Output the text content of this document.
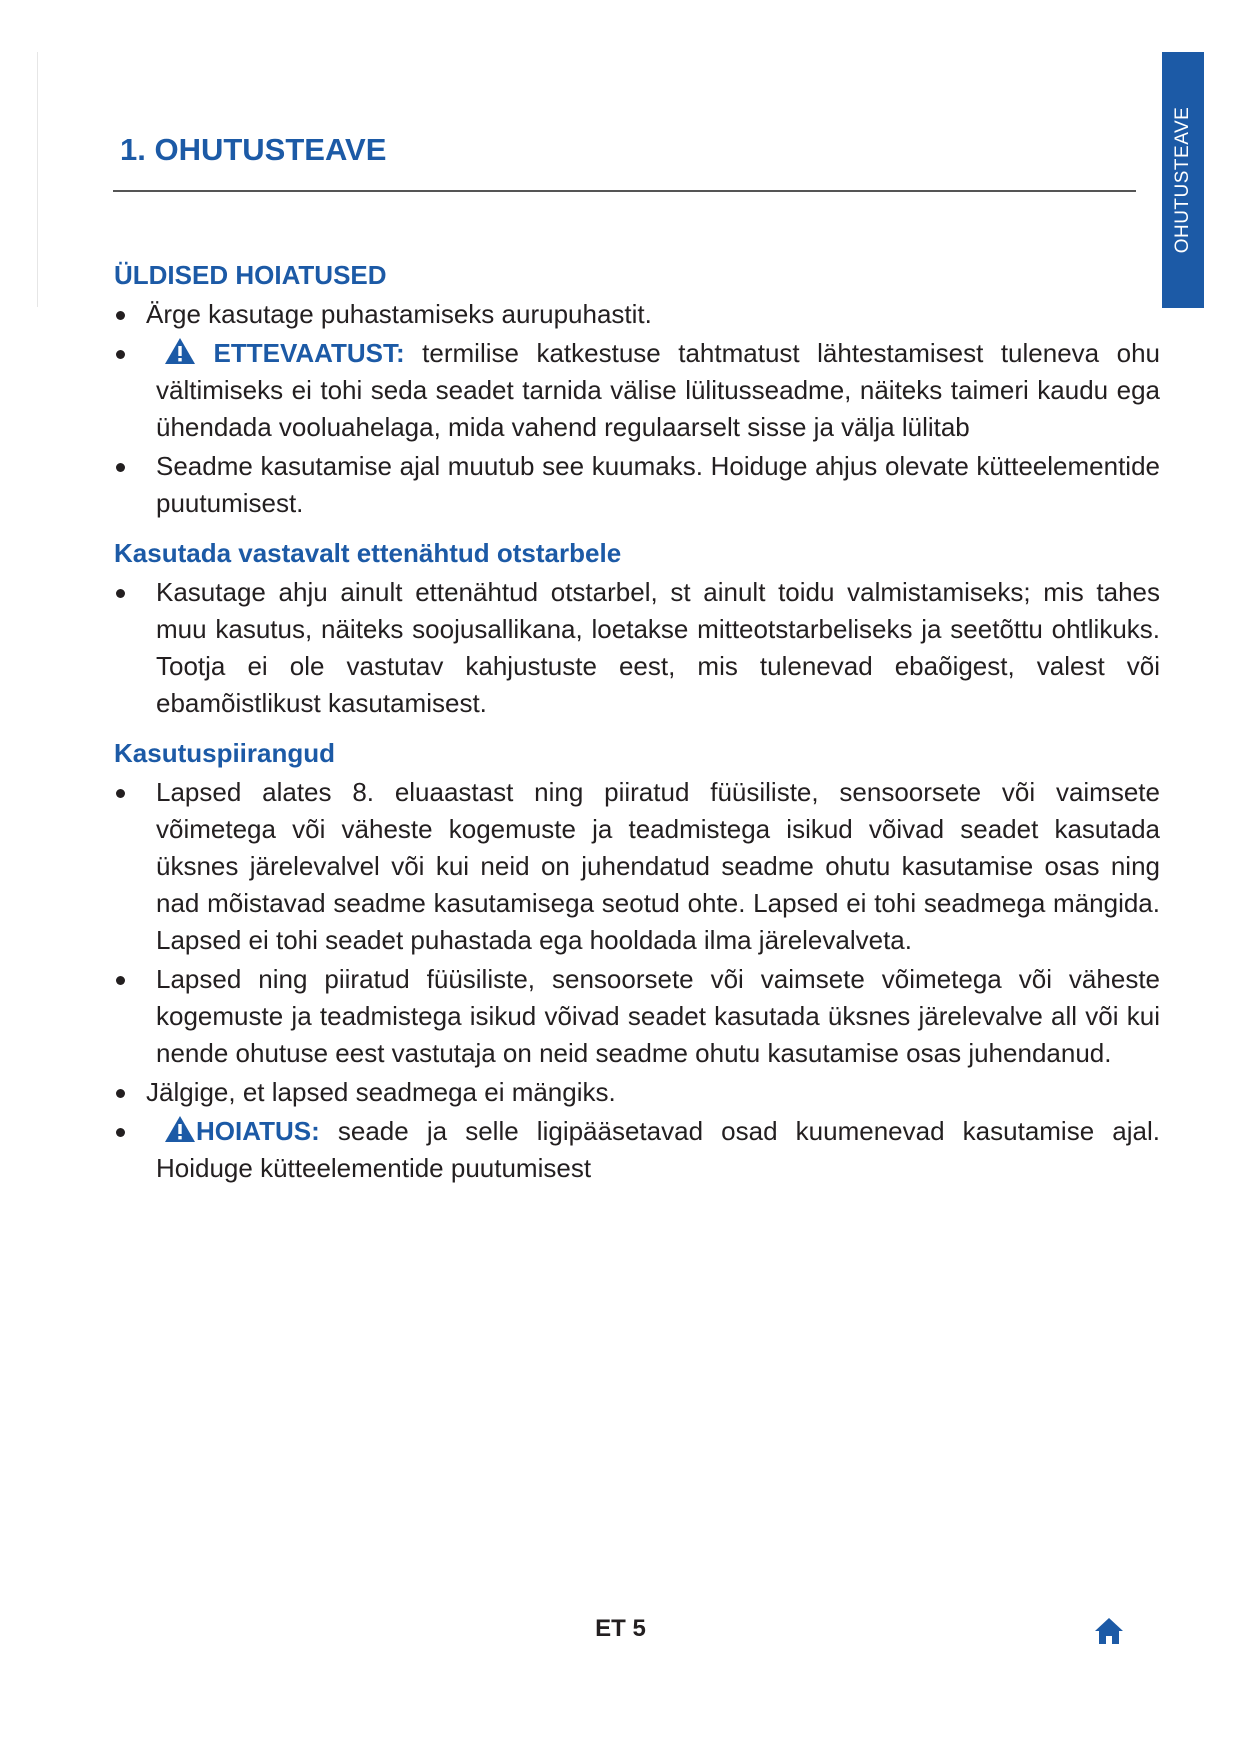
OHUTUSTEAVE
1. OHUTUSTEAVE
ÜLDISED HOIATUSED
Ärge kasutage puhastamiseks aurupuhastit.
ETTEVAATUST: termilise katkestuse tahtmatust lähtestamisest tuleneva ohu vältimiseks ei tohi seda seadet tarnida välise lülitusseadme, näiteks taimeri kaudu ega ühendada vooluahelaga, mida vahend regulaarselt sisse ja välja lülitab
Seadme kasutamise ajal muutub see kuumaks. Hoiduge ahjus olevate kütteelementide puutumisest.
Kasutada vastavalt ettenähtud otstarbele
Kasutage ahju ainult ettenähtud otstarbel, st ainult toidu valmistamiseks; mis tahes muu kasutus, näiteks soojusallikana, loetakse mitteotstarbeliseks ja seetõttu ohtlikuks. Tootja ei ole vastutav kahjustuste eest, mis tulenevad ebaõigest, valest või ebamõistlikust kasutamisest.
Kasutuspiirangud
Lapsed alates 8. eluaastast ning piiratud füüsiliste, sensoorsete või vaimsete võimetega või väheste kogemuste ja teadmistega isikud võivad seadet kasutada üksnes järelevalvel või kui neid on juhendatud seadme ohutu kasutamise osas ning nad mõistavad seadme kasutamisega seotud ohte. Lapsed ei tohi seadmega mängida. Lapsed ei tohi seadet puhastada ega hooldada ilma järelevalveta.
Lapsed ning piiratud füüsiliste, sensoorsete või vaimsete võimetega või väheste kogemuste ja teadmistega isikud võivad seadet kasutada üksnes järelevalve all või kui nende ohutuse eest vastutaja on neid seadme ohutu kasutamise osas juhendanud.
Jälgige, et lapsed seadmega ei mängiks.
HOIATUS: seade ja selle ligipääsetavad osad kuumenevad kasutamise ajal. Hoiduge kütteelementide puutumisest
ET 5
